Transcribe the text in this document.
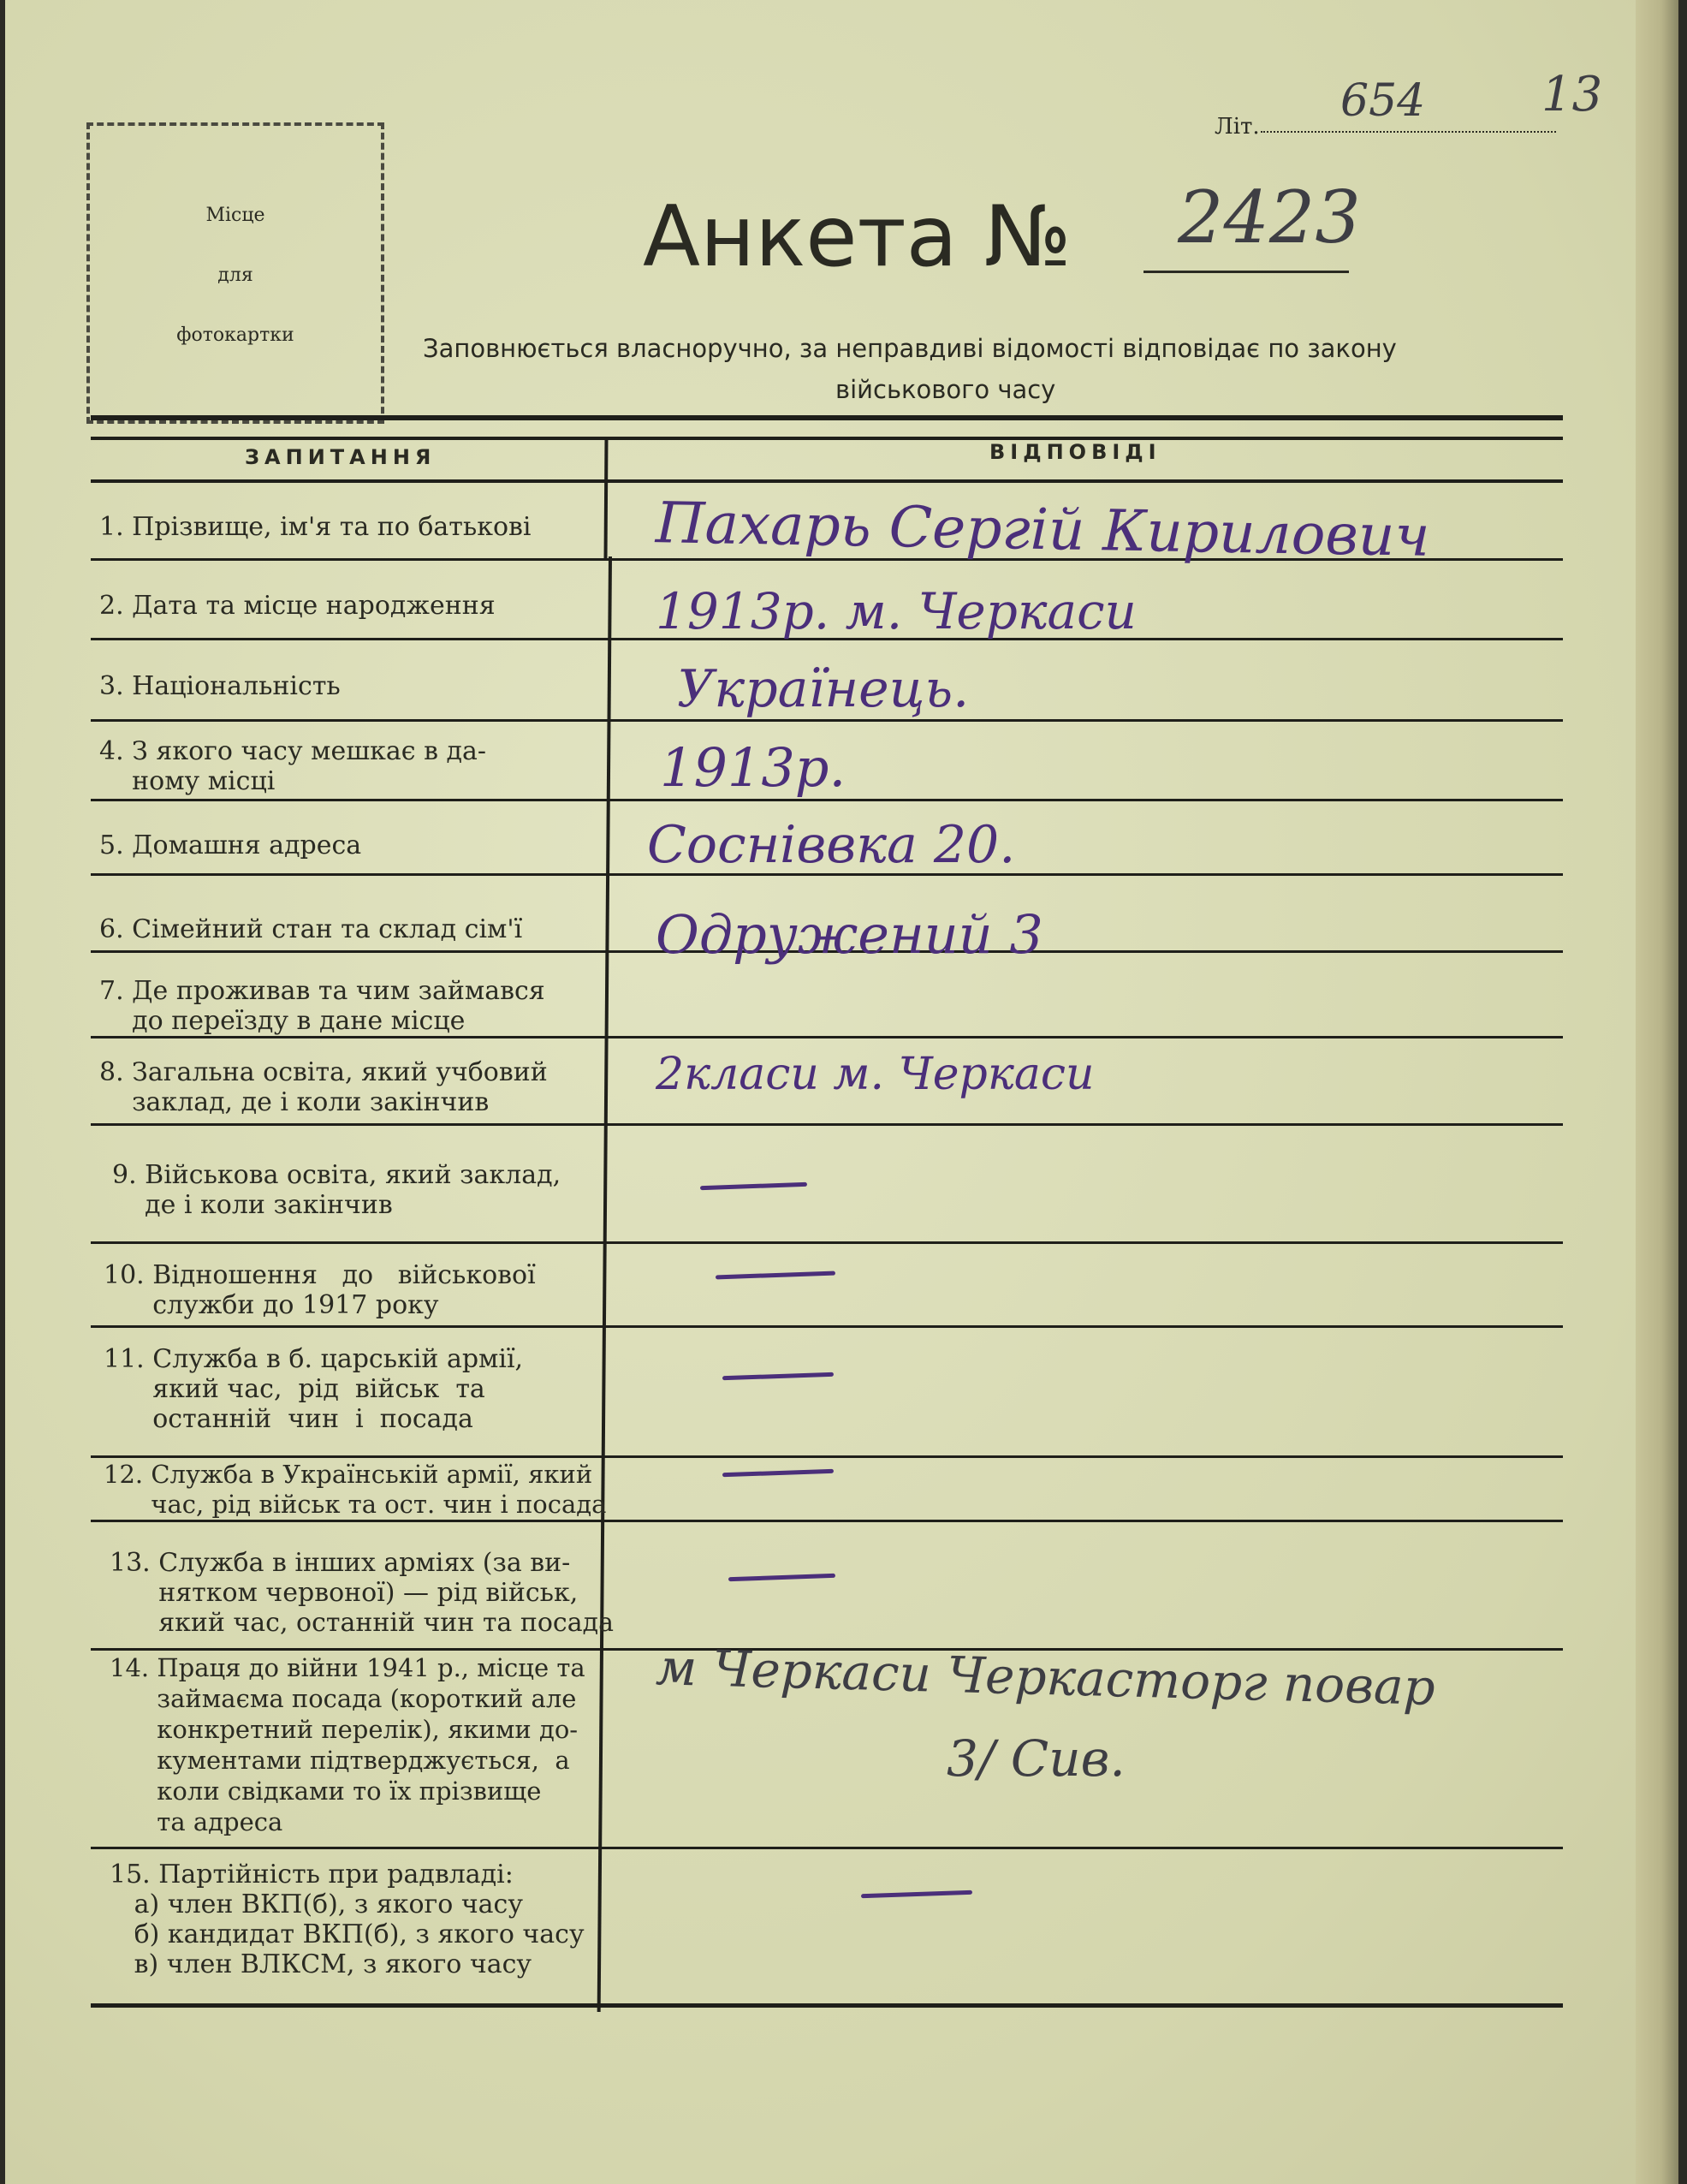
Літ. 654 13
Місце
для
фотокартки
Анкета № 2423
Заповнюється власноручно, за неправдиві відомості відповідає по закону
військового часу
ЗАПИТАННЯ	ВІДПОВІДІ
1. Прізвище, ім'я та по батькові
2. Дата та місце народження
3. Національність
4. З якого часу мешкає в да-
ному місці
5. Домашня адреса
6. Сімейний стан та склад сім'ї
7. Де проживав та чим займався
до переїзду в дане місце
8. Загальна освіта, який учбовий
заклад, де і коли закінчив
9. Військова освіта, який заклад,
де і коли закінчив
10. Відношення   до   військової
служби до 1917 року
11. Служба в б. царській армії,
який час,  рід  військ  та
останній  чин  і  посада
12. Служба в Українській армії, який
час, рід військ та ост. чин і посада
13. Служба в інших арміях (за ви-
нятком червоної) — рід військ,
який час, останній чин та посада
14. Праця до війни 1941 р., місце та
займаєма посада (короткий але
конкретний перелік), якими до-
кументами підтверджується,  а
коли свідками то їх прізвище
та адреса
15. Партійність при радвладі:
а) член ВКП(б), з якого часу
б) кандидат ВКП(б), з якого часу
в) член ВЛКСМ, з якого часу
Пахарь Сергій Кирилович
1913р. м. Черкаси
Українець.
1913р.
Сосніввка 20.
Одружений 3
2класи м. Черкаси
м Черкаси Черкасторг повар
3/ Сив.
